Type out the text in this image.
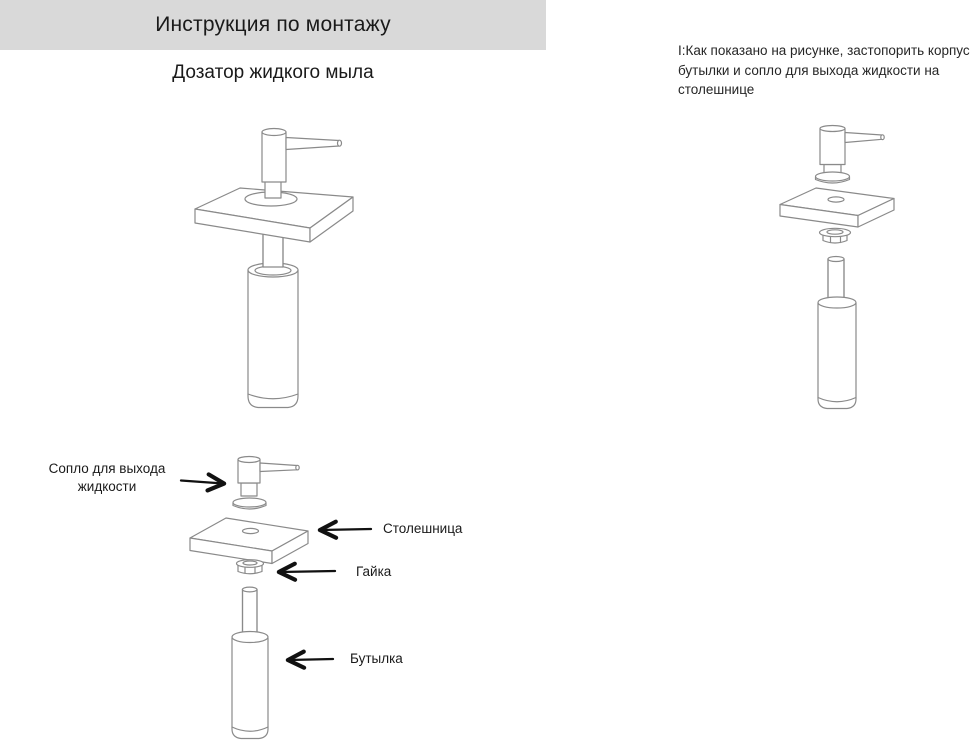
Инструкция по монтажу
Дозатор жидкого мыла
I:Как показано на рисунке, застопорить корпус бутылки и сопло для выхода жидкости на столешнице
Сопло для выхода жидкости
Столешница
Гайка
Бутылка
